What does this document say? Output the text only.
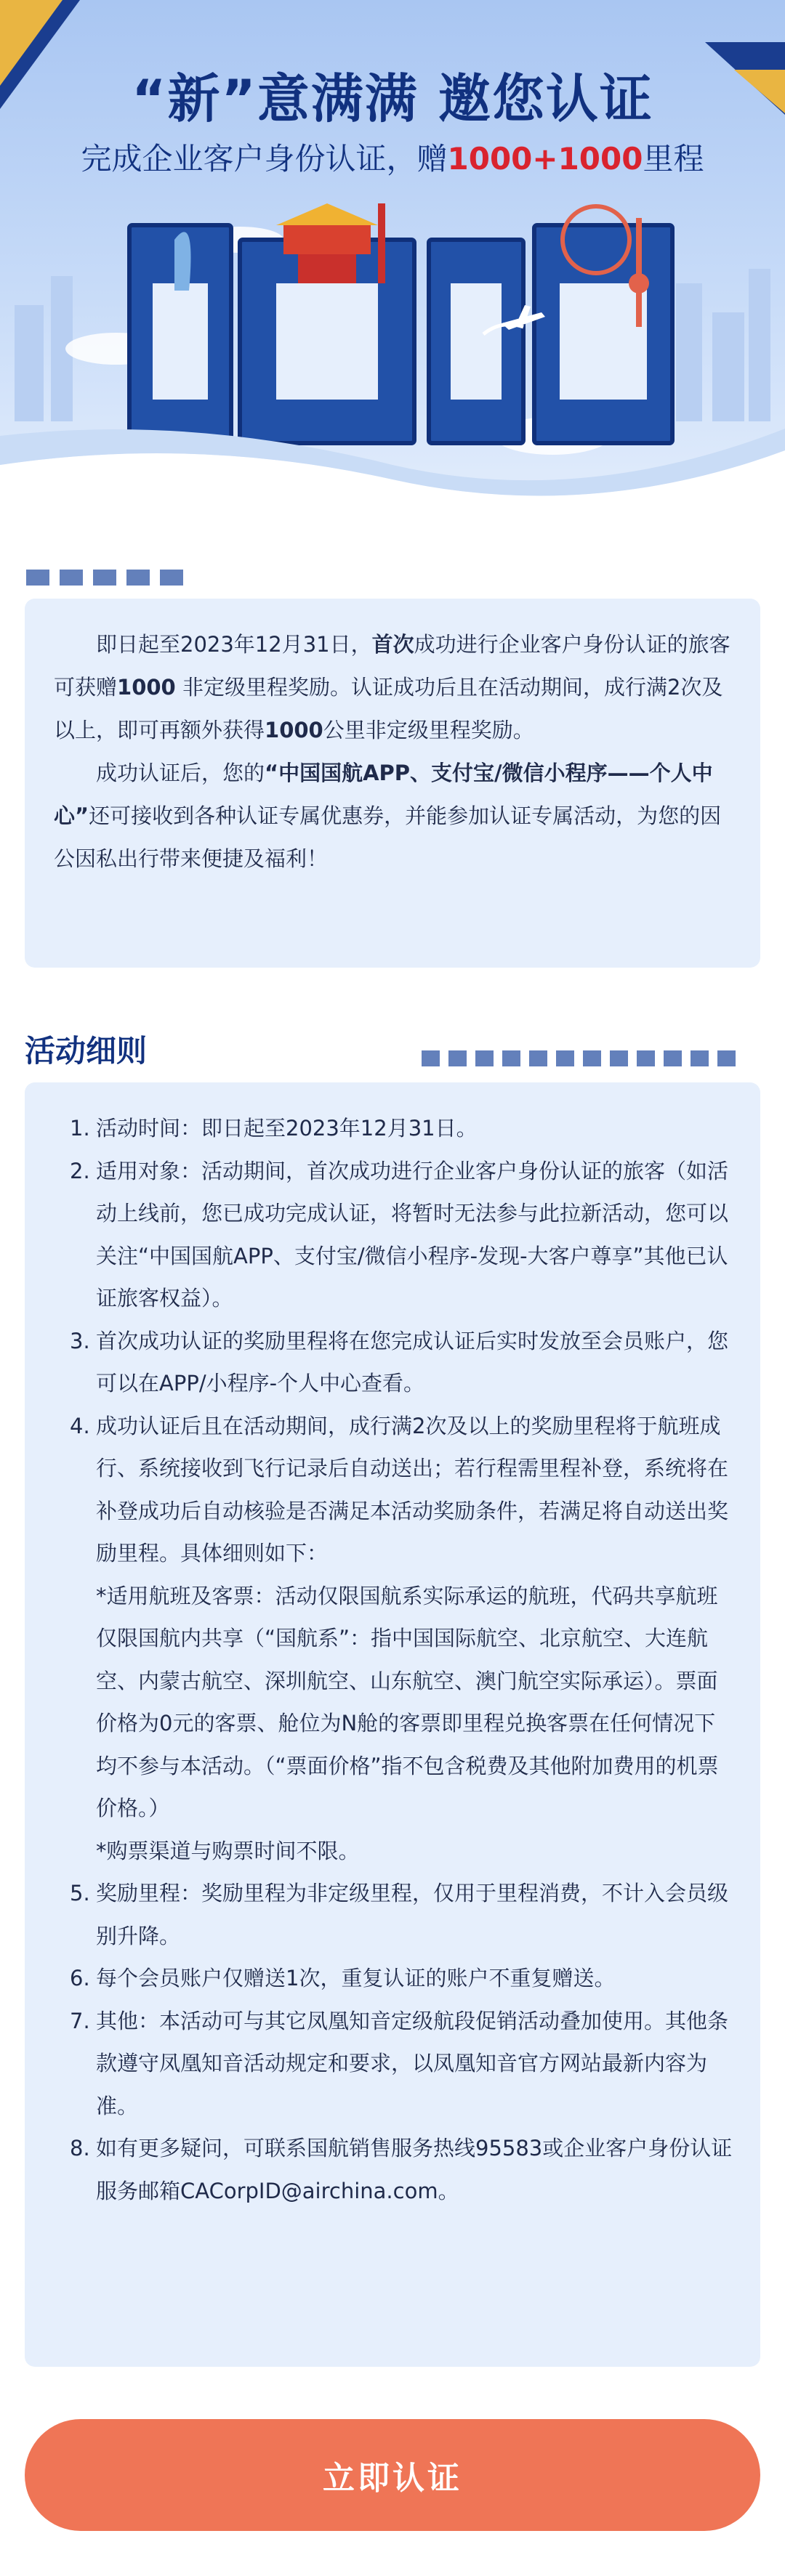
“新”意满满 邀您认证
完成企业客户身份认证，赠1000+1000里程

即日起至2023年12月31日，首次成功进行企业客户身份认证的旅客可获赠1000 非定级里程奖励。认证成功后且在活动期间，成行满2次及以上，即可再额外获得1000公里非定级里程奖励。

成功认证后，您的“中国国航APP、支付宝/微信小程序——个人中心”还可接收到各种认证专属优惠券，并能参加认证专属活动，为您的因公因私出行带来便捷及福利！

活动细则
1. 活动时间：即日起至2023年12月31日。
2. 适用对象：活动期间，首次成功进行企业客户身份认证的旅客（如活动上线前，您已成功完成认证，将暂时无法参与此拉新活动，您可以关注“中国国航APP、支付宝/微信小程序-发现-大客户尊享”其他已认证旅客权益）。
3. 首次成功认证的奖励里程将在您完成认证后实时发放至会员账户，您可以在APP/小程序-个人中心查看。
4. 成功认证后且在活动期间，成行满2次及以上的奖励里程将于航班成行、系统接收到飞行记录后自动送出；若行程需里程补登，系统将在补登成功后自动核验是否满足本活动奖励条件，若满足将自动送出奖励里程。具体细则如下：
*适用航班及客票：活动仅限国航系实际承运的航班，代码共享航班仅限国航内共享（“国航系”：指中国国际航空、北京航空、大连航空、内蒙古航空、深圳航空、山东航空、澳门航空实际承运）。票面价格为0元的客票、舱位为N舱的客票即里程兑换客票在任何情况下均不参与本活动。（“票面价格”指不包含税费及其他附加费用的机票价格。）
*购票渠道与购票时间不限。
5. 奖励里程：奖励里程为非定级里程，仅用于里程消费，不计入会员级别升降。
6. 每个会员账户仅赠送1次，重复认证的账户不重复赠送。
7. 其他：本活动可与其它凤凰知音定级航段促销活动叠加使用。其他条款遵守凤凰知音活动规定和要求，以凤凰知音官方网站最新内容为准。
8. 如有更多疑问，可联系国航销售服务热线95583或企业客户身份认证服务邮箱CACorpID@airchina.com。
立即认证
